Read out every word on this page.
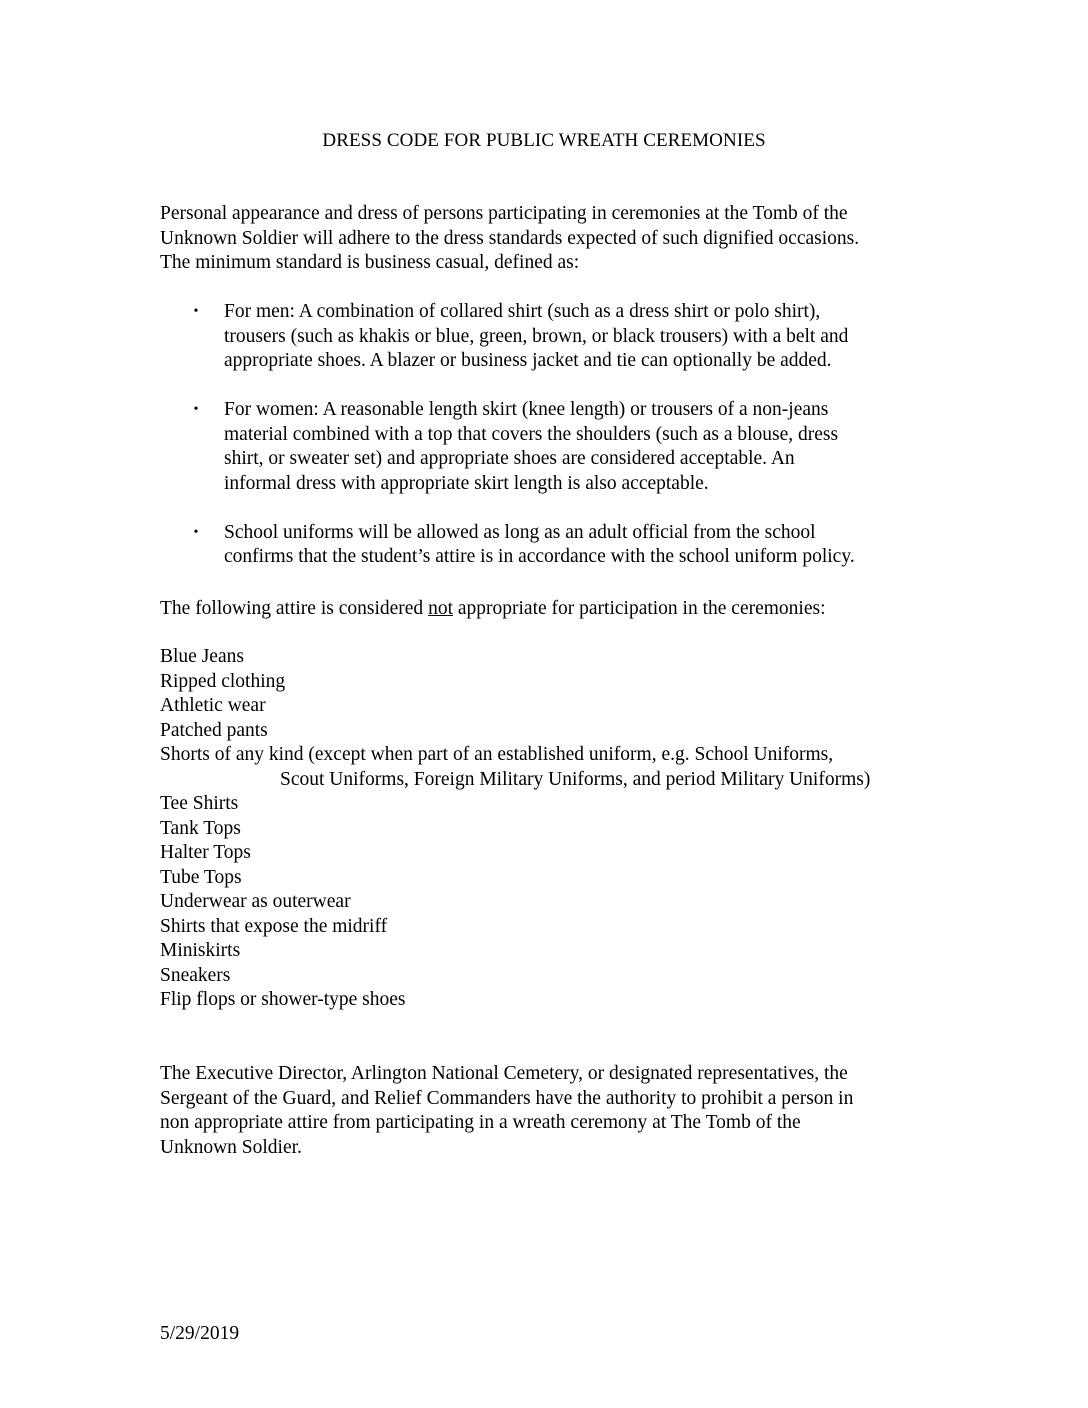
DRESS CODE FOR PUBLIC WREATH CEREMONIES
Personal appearance and dress of persons participating in ceremonies at the Tomb of the
Unknown Soldier will adhere to the dress standards expected of such dignified occasions.
The minimum standard is business casual, defined as:
• For men: A combination of collared shirt (such as a dress shirt or polo shirt),
trousers (such as khakis or blue, green, brown, or black trousers) with a belt and
appropriate shoes. A blazer or business jacket and tie can optionally be added.
• For women: A reasonable length skirt (knee length) or trousers of a non-jeans
material combined with a top that covers the shoulders (such as a blouse, dress
shirt, or sweater set) and appropriate shoes are considered acceptable. An
informal dress with appropriate skirt length is also acceptable.
• School uniforms will be allowed as long as an adult official from the school
confirms that the student’s attire is in accordance with the school uniform policy.
The following attire is considered not appropriate for participation in the ceremonies:
Blue Jeans
Ripped clothing
Athletic wear
Patched pants
Shorts of any kind (except when part of an established uniform, e.g. School Uniforms,
Scout Uniforms, Foreign Military Uniforms, and period Military Uniforms)
Tee Shirts
Tank Tops
Halter Tops
Tube Tops
Underwear as outerwear
Shirts that expose the midriff
Miniskirts
Sneakers
Flip flops or shower-type shoes
The Executive Director, Arlington National Cemetery, or designated representatives, the
Sergeant of the Guard, and Relief Commanders have the authority to prohibit a person in
non appropriate attire from participating in a wreath ceremony at The Tomb of the
Unknown Soldier.
5/29/2019
